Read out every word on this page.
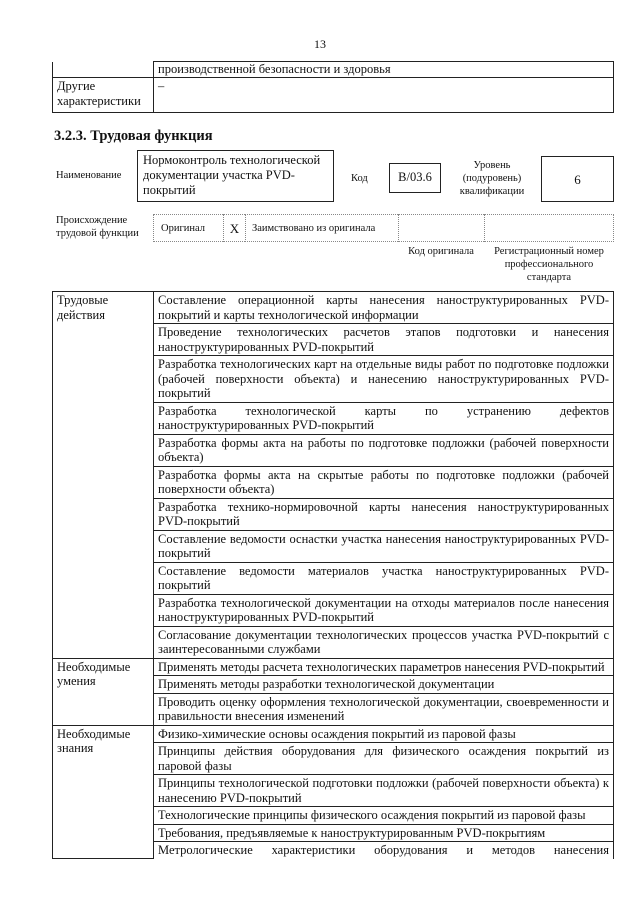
13
	производственной безопасности и здоровья
Другие характеристики	–
3.2.3. Трудовая функция
Наименование
Нормоконтроль технологической документации участка PVD-покрытий
Код	B/03.6
Уровень (подуровень) квалификации
6
Происхождение трудовой функции	Оригинал	X	Заимствовано из оригинала
Код оригинала	Регистрационный номер профессионального стандарта
Трудовые действия	Составление операционной карты нанесения наноструктурированных PVD-покрытий и карты технологической информации
	Проведение технологических расчетов этапов подготовки и нанесения наноструктурированных PVD-покрытий
	Разработка технологических карт на отдельные виды работ по подготовке подложки (рабочей поверхности объекта) и нанесению наноструктурированных PVD-покрытий
	Разработка технологической карты по устранению дефектов наноструктурированных PVD-покрытий
	Разработка формы акта на работы по подготовке подложки (рабочей поверхности объекта)
	Разработка формы акта на скрытые работы по подготовке подложки (рабочей поверхности объекта)
	Разработка технико-нормировочной карты нанесения наноструктурированных PVD-покрытий
	Составление ведомости оснастки участка нанесения наноструктурированных PVD-покрытий
	Составление ведомости материалов участка наноструктурированных PVD-покрытий
	Разработка технологической документации на отходы материалов после нанесения наноструктурированных PVD-покрытий
	Согласование документации технологических процессов участка PVD-покрытий с заинтересованными службами
Необходимые умения	Применять методы расчета технологических параметров нанесения PVD-покрытий
	Применять методы разработки технологической документации
	Проводить оценку оформления технологической документации, своевременности и правильности внесения изменений
Необходимые знания	Физико-химические основы осаждения покрытий из паровой фазы
	Принципы действия оборудования для физического осаждения покрытий из паровой фазы
	Принципы технологической подготовки подложки (рабочей поверхности объекта) к нанесению PVD-покрытий
	Технологические принципы физического осаждения покрытий из паровой фазы
	Требования, предъявляемые к наноструктурированным PVD-покрытиям
	Метрологические характеристики оборудования и методов нанесения
